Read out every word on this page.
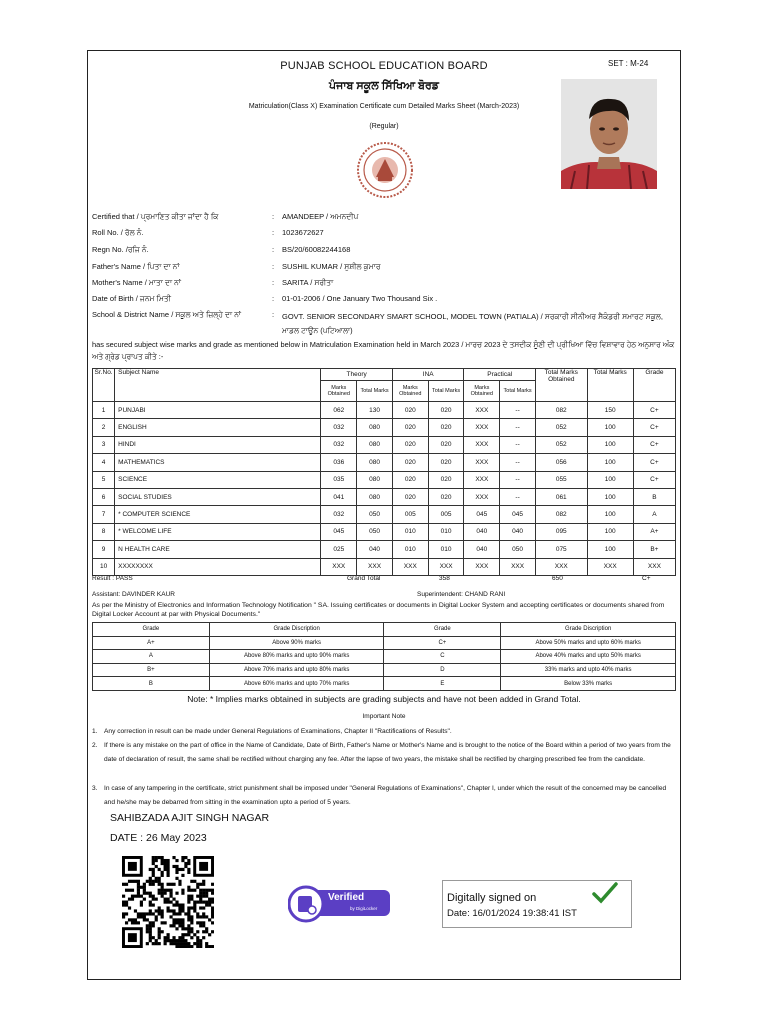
SET : M-24
PUNJAB SCHOOL EDUCATION BOARD
ਪੰਜਾਬ ਸਕੂਲ ਸਿੱਖਿਆ ਬੋਰਡ
Matriculation(Class X) Examination Certificate cum Detailed Marks Sheet (March-2023)
(Regular)
Certified that / ਪ੍ਰਮਾਣਿਤ ਕੀਤਾ ਜਾਂਦਾ ਹੈ ਕਿ	: AMANDEEP / ਅਮਨਦੀਪ
Roll No. / ਰੋਲ ਨੰ.	: 1023672627
Regn No. /ਰਜਿ ਨੰ.	: BS/20/60082244168
Father's Name / ਪਿਤਾ ਦਾ ਨਾਂ	: SUSHIL KUMAR / ਸੁਸ਼ੀਲ ਕੁਮਾਰ
Mother's Name / ਮਾਤਾ ਦਾ ਨਾਂ	: SARITA / ਸਰੀਤਾ
Date of Birth / ਜਨਮ ਮਿਤੀ	: 01-01-2006 / One January Two Thousand Six .
School & District Name / ਸਕੂਲ ਅਤੇ ਜ਼ਿਲ੍ਹੇ ਦਾ ਨਾਂ	: GOVT. SENIOR SECONDARY SMART SCHOOL, MODEL TOWN (PATIALA) / ਸਰਕਾਰੀ ਸੀਨੀਅਰ ਸੈਕੰਡਰੀ ਸਮਾਰਟ ਸਕੂਲ, ਮਾਡਲ ਟਾਊਨ (ਪਟਿਆਲਾ)
has secured subject wise marks and grade as mentioned below in Matriculation Examination held in March 2023 / ਮਾਰਚ 2023 ਦੇ ਤਸਦੀਕ ਸੂੰਣੀ ਦੀ ਪ੍ਰੀਖਿਆ ਵਿੱਚ ਵਿਸ਼ਾਵਾਰ ਹੇਠ ਅਨੁਸਾਰ ਅੰਕ ਅਤੇ ਗ੍ਰੇਡ ਪ੍ਰਾਪਤ ਕੀਤੇ :-
Sr.No.	Subject Name	Theory		INA		Practical		Total Marks Obtained	Total Marks	Grade
		Marks Obtained	Total Marks	Marks Obtained	Total Marks	Marks Obtained	Total Marks			
1	PUNJABI	062	130	020	020	XXX	--	082	150	C+
2	ENGLISH	032	080	020	020	XXX	--	052	100	C+
3	HINDI	032	080	020	020	XXX	--	052	100	C+
4	MATHEMATICS	036	080	020	020	XXX	--	056	100	C+
5	SCIENCE	035	080	020	020	XXX	--	055	100	C+
6	SOCIAL STUDIES	041	080	020	020	XXX	--	061	100	B
7	* COMPUTER SCIENCE	032	050	005	005	045	045	082	100	A
8	* WELCOME LIFE	045	050	010	010	040	040	095	100	A+
9	N HEALTH CARE	025	040	010	010	040	050	075	100	B+
10	XXXXXXXX	XXX	XXX	XXX	XXX	XXX	XXX	XXX	XXX	XXX
Result : PASS	Grand Total	358	650	C+
Assistant: DAVINDER KAUR	Superintendent: CHAND RANI
As per the Ministry of Electronics and Information Technology Notification " SA. Issuing certificates or documents in Digital Locker System and accepting certificates or documents shared from Digital Locker Account at par with Physical Documents."
Grade	Grade Discription	Grade	Grade Discription
A+	Above 90% marks	C+	Above 50% marks and upto 60% marks
A	Above 80% marks and upto 90% marks	C	Above 40% marks and upto 50% marks
B+	Above 70% marks and upto 80% marks	D	33% marks and upto 40% marks
B	Above 60% marks and upto 70% marks	E	Below 33% marks
Note: * Implies marks obtained in subjects are grading subjects and have not been added in Grand Total.
Important Note
1. Any correction in result can be made under General Regulations of Examinations, Chapter II "Ractifications of Results".
2. If there is any mistake on the part of office in the Name of Candidate, Date of Birth, Father's Name or Mother's Name and is brought to the notice of the Board within a period of two years from the date of declaration of result, the same shall be rectified without charging any fee. After the lapse of two years, the mistake shall be rectified by charging prescribed fee from the candidate.
3. In case of any tampering in the certificate, strict punishment shall be imposed under "General Regulations of Examinations", Chapter I, under which the result of the concerned may be cancelled and he/she may be debarred from sitting in the examination upto a period of 5 years.
SAHIBZADA AJIT SINGH NAGAR
DATE : 26 May 2023
Verified
by DigiLocker
Digitally signed on
Date: 16/01/2024 19:38:41 IST
